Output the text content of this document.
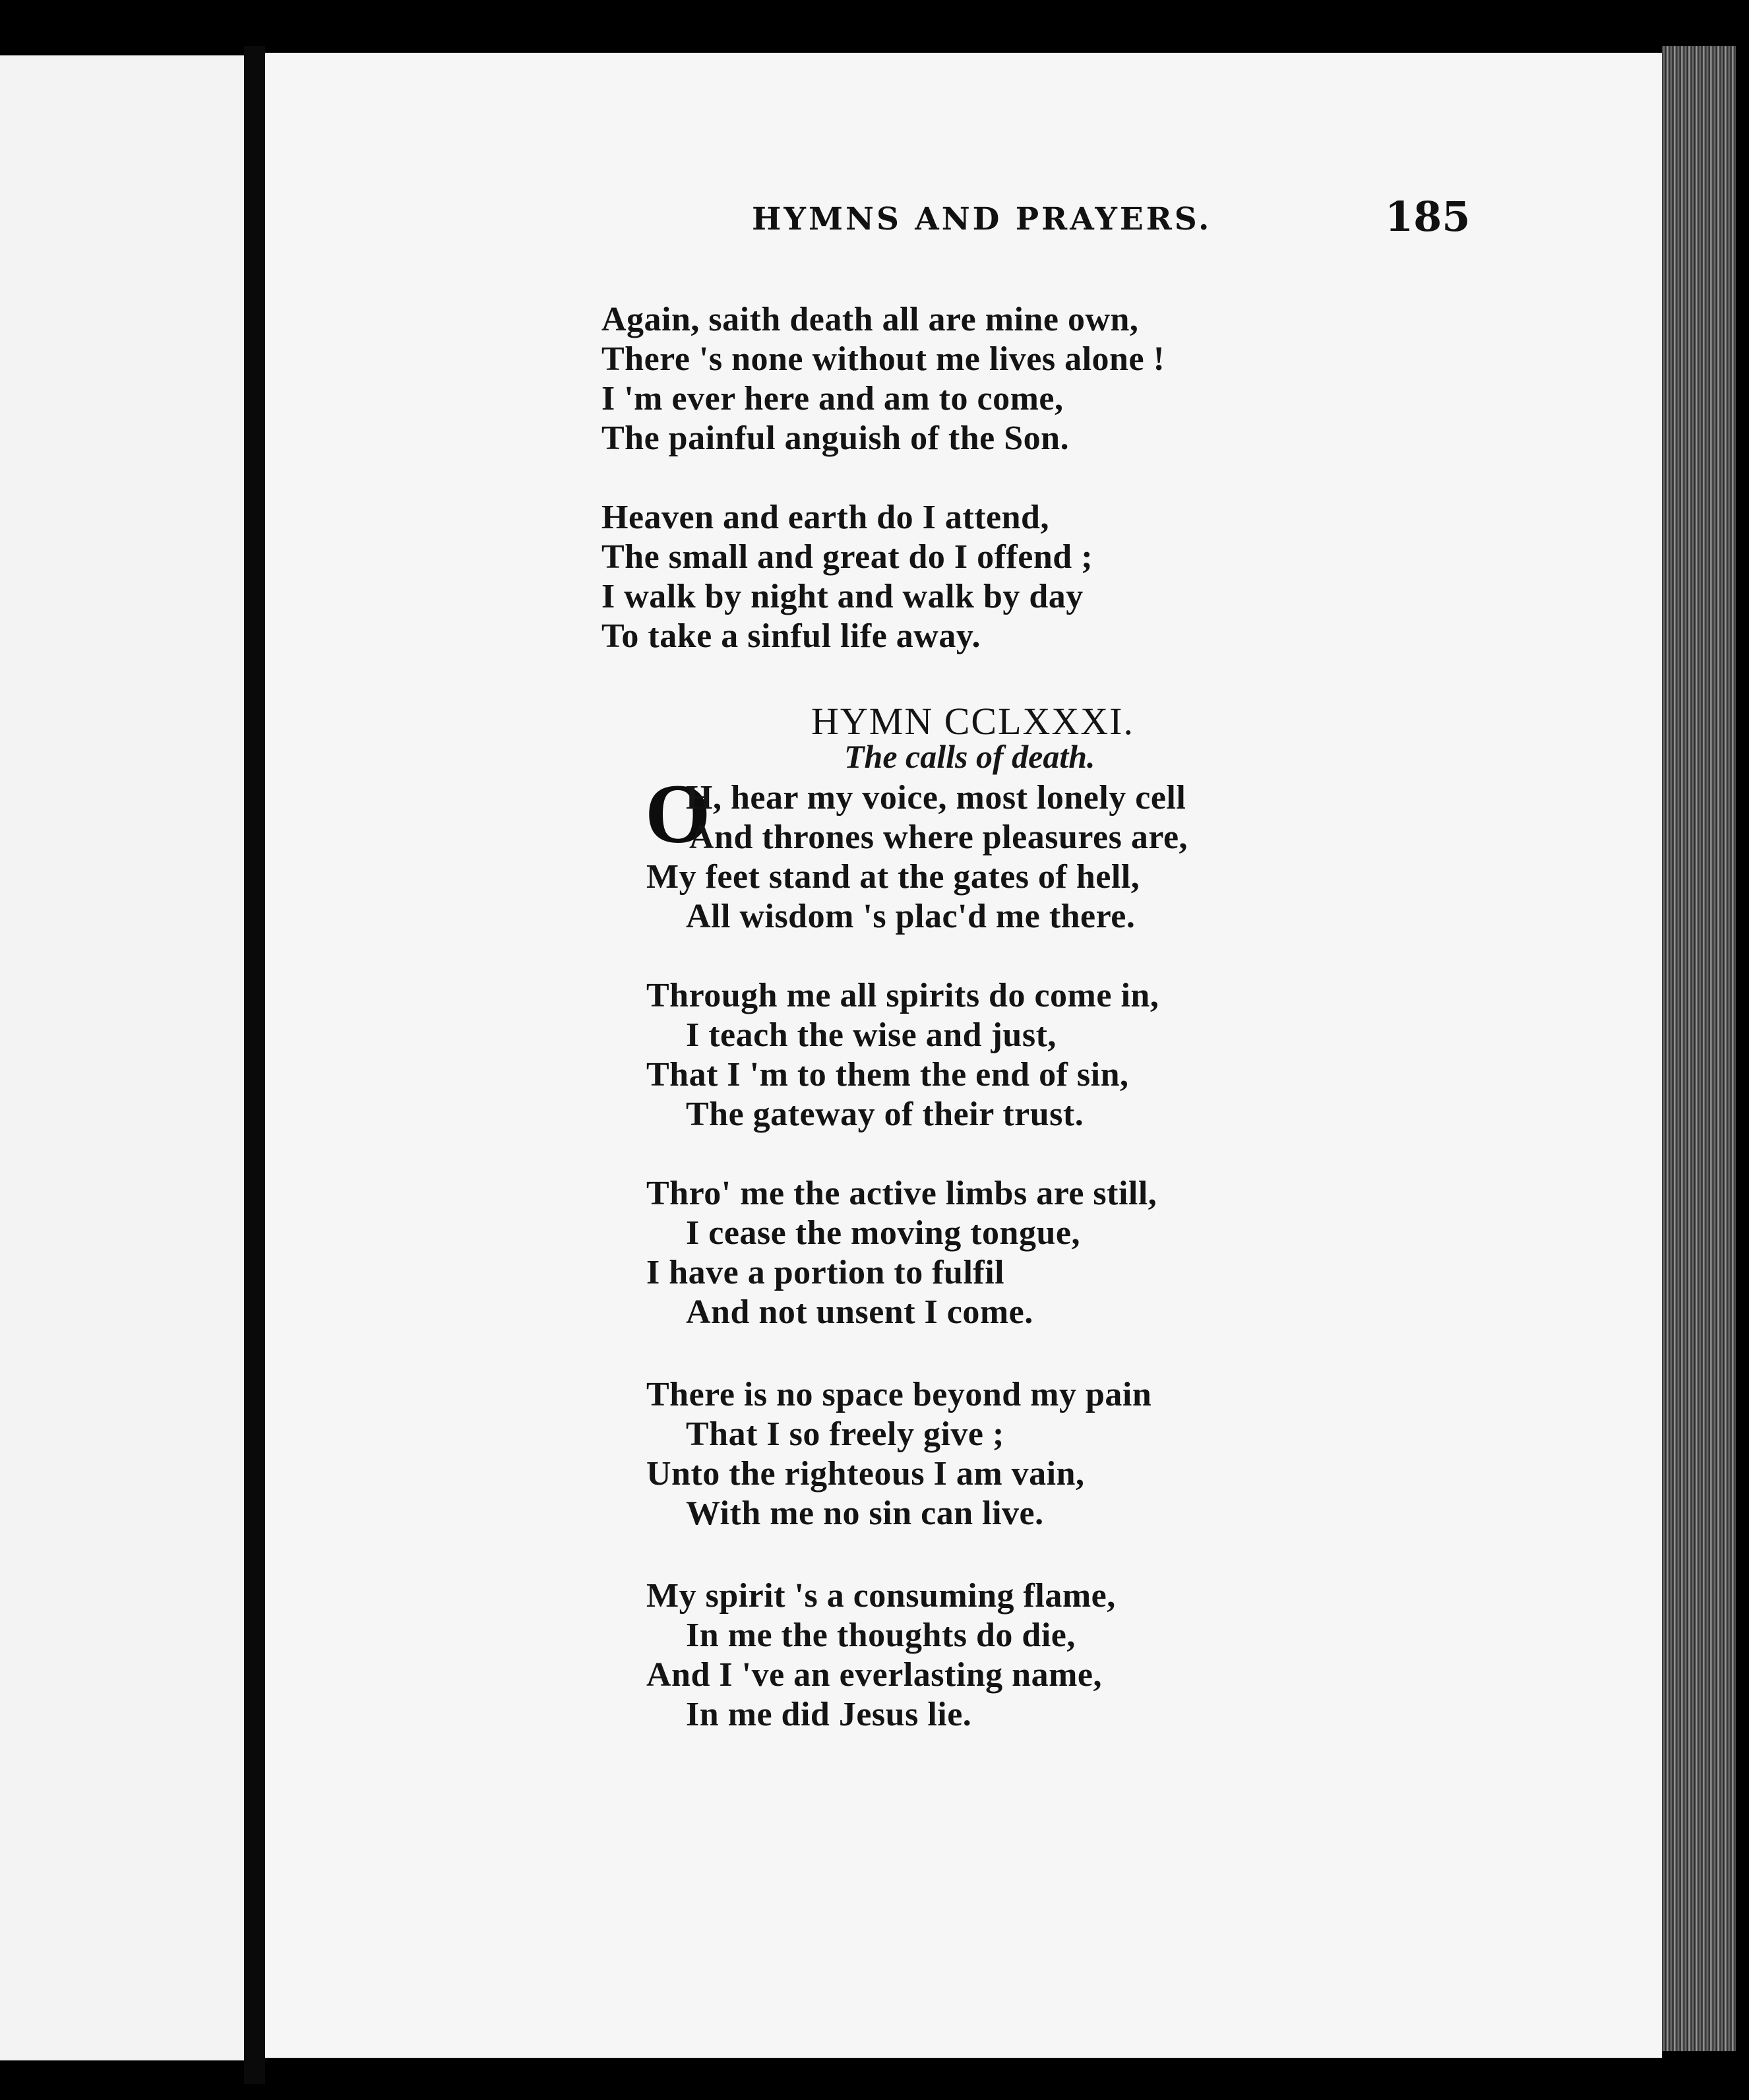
HYMNS AND PRAYERS.	185
Again, saith death all are mine own,
There 's none without me lives alone !
I 'm ever here and am to come,
The painful anguish of the Son.
Heaven and earth do I attend,
The small and great do I offend ;
I walk by night and walk by day
To take a sinful life away.
HYMN CCLXXXI.
The calls of death.
O
H, hear my voice, most lonely cell
And thrones where pleasures are,
My feet stand at the gates of hell,
All wisdom 's plac'd me there.
Through me all spirits do come in,
I teach the wise and just,
That I 'm to them the end of sin,
The gateway of their trust.
Thro' me the active limbs are still,
I cease the moving tongue,
I have a portion to fulfil
And not unsent I come.
There is no space beyond my pain
That I so freely give ;
Unto the righteous I am vain,
With me no sin can live.
My spirit 's a consuming flame,
In me the thoughts do die,
And I 've an everlasting name,
In me did Jesus lie.
